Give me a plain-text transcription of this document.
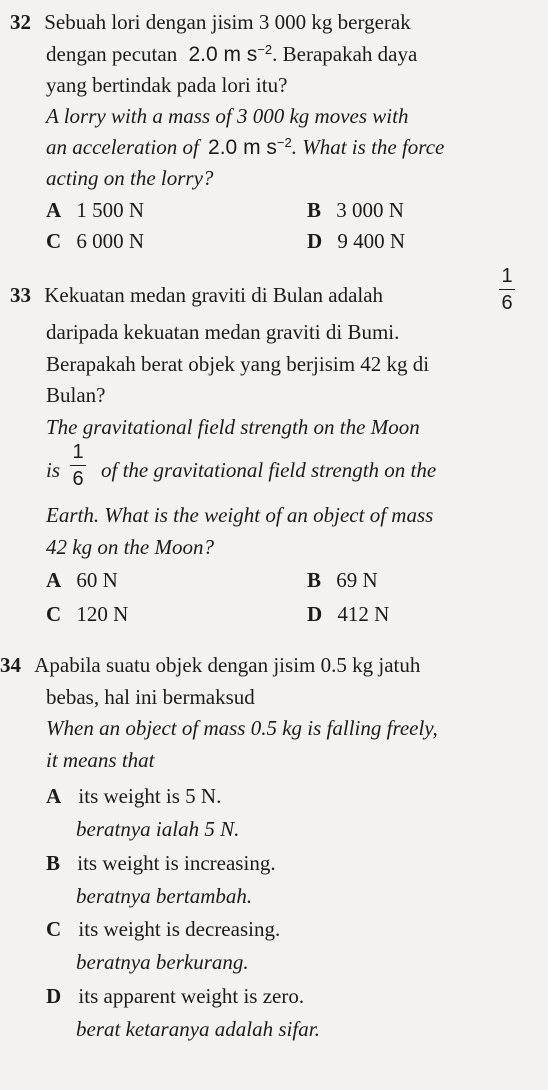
32 Sebuah lori dengan jisim 3 000 kg bergerak
dengan pecutan 2.0 m $s^{-2}$. Berapakah daya
yang bertindak pada lori itu?
A lorry with a mass of 3 000 kg moves with
an acceleration of 2.0 m $s^{-2}$. What is the force
acting on the lorry?
A 1 500 N	B 3 000 N
C 6 000 N	D 9 400 N
33 Kekuatan medan graviti di Bulan adalah
1
6
daripada kekuatan medan graviti di Bumi.
Berapakah berat objek yang berjisim 42 kg di
Bulan?
The gravitational field strength on the Moon
is
1
6 of the gravitational field strength on the
Earth. What is the weight of an object of mass
42 kg on the Moon?
A 60 N	B 69 N
C 120 N	D 412 N
34 Apabila suatu objek dengan jisim 0.5 kg jatuh
bebas, hal ini bermaksud
When an object of mass 0.5 kg is falling freely,
it means that
A its weight is 5 N.
beratnya ialah 5 N.
B its weight is increasing.
beratnya bertambah.
C its weight is decreasing.
beratnya berkurang.
D its apparent weight is zero.
berat ketaranya adalah sifar.
